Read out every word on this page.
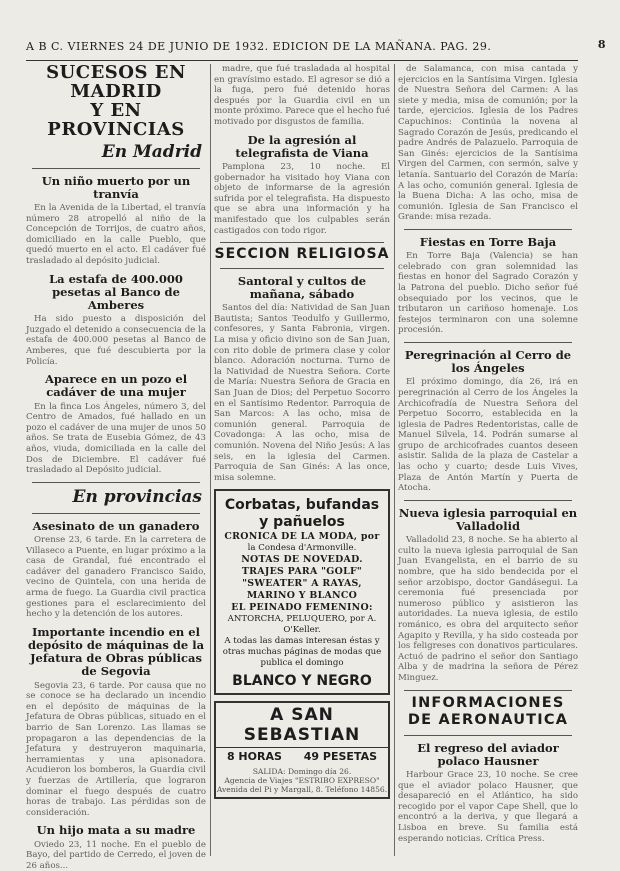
A B C. VIERNES 24 DE JUNIO DE 1932. EDICION DE LA MAÑANA. PAG. 29.	8
SUCESOS EN MADRID
Y EN PROVINCIAS
En Madrid
Un niño muerto por un tranvía

En la Avenida de la Libertad, el tranvía número 28 atropelló al niño de la Concepción de Torrijos, de cuatro años, domiciliado en la calle Pueblo, que quedó muerto en el acto. El cadáver fué trasladado al depósito judicial.

La estafa de 400.000 pesetas al Banco de Amberes

Ha sido puesto a disposición del Juzgado el detenido a consecuencia de la estafa de 400.000 pesetas al Banco de Amberes, que fué descubierta por la Policía.

Aparece en un pozo el cadáver de una mujer

En la finca Los Ángeles, número 3, del Centro de Amados, fué hallado en un pozo el cadáver de una mujer de unos 50 años. Se trata de Eusebia Gómez, de 43 años, viuda, domiciliada en la calle del Dos de Diciembre. El cadáver fué trasladado al Depósito judicial.

En provincias
Asesinato de un ganadero

Orense 23, 6 tarde. En la carretera de Villaseco a Puente, en lugar próximo a la casa de Grandal, fué encontrado el cadáver del ganadero Francisco Saido, vecino de Quintela, con una herida de arma de fuego. La Guardia civil practica gestiones para el esclarecimiento del hecho y la detención de los autores.

Importante incendio en el depósito de máquinas de la Jefatura de Obras públicas de Segovia

Segovia 23, 6 tarde. Por causa que no se conoce se ha declarado un incendio en el depósito de máquinas de la Jefatura de Obras públicas, situado en el barrio de San Lorenzo. Las llamas se propagaron a las dependencias de la Jefatura y destruyeron maquinaria, herramientas y una apisonadora. Acudieron los bomberos, la Guardia civil y fuerzas de Artillería, que lograron dominar el fuego después de cuatro horas de trabajo. Las pérdidas son de consideración.

Un hijo mata a su madre

Oviedo 23, 11 noche. En el pueblo de Bayo, del partido de Cerredo, el joven de 26 años...

madre, que fué trasladada al hospital en gravísimo estado. El agresor se dió a la fuga, pero fué detenido horas después por la Guardia civil en un monte próximo. Parece que el hecho fué motivado por disgustos de familia.

De la agresión al telegrafista de Viana

Pamplona 23, 10 noche. El gobernador ha visitado hoy Viana con objeto de informarse de la agresión sufrida por el telegrafista. Ha dispuesto que se abra una información y ha manifestado que los culpables serán castigados con todo rigor.

SECCION RELIGIOSA
Santoral y cultos de mañana, sábado

Santos del día: Natividad de San Juan Bautista; Santos Teodulfo y Guillermo, confesores, y Santa Fabronia, virgen. La misa y oficio divino son de San Juan, con rito doble de primera clase y color blanco. Adoración nocturna. Turno de la Natividad de Nuestra Señora. Corte de María: Nuestra Señora de Gracia en San Juan de Dios; del Perpetuo Socorro en el Santísimo Redentor. Parroquia de San Marcos: A las ocho, misa de comunión general. Parroquia de Covadonga: A las ocho, misa de comunión. Novena del Niño Jesús: A las seis, en la iglesia del Carmen. Parroquia de San Ginés: A las once, misa solemne.

Corbatas, bufandas
y pañuelos
CRONICA DE LA MODA, por
la Condesa d'Armonville.
NOTAS DE NOVEDAD.
TRAJES PARA "GOLF"
"SWEATER" A RAYAS, MARINO Y BLANCO
EL PEINADO FEMENINO:
ANTORCHA, PELUQUERO, por A. O'Keller.
A todas las damas interesan éstas y otras muchas páginas de modas que publica el domingo
BLANCO Y NEGRO
A SAN SEBASTIAN
8 HORAS 49 PESETAS
SALIDA: Domingo día 26.
Agencia de Viajes "ESTRIBO EXPRESO" Avenida del Pi y Margall, 8. Teléfono 14856.

de Salamanca, con misa cantada y ejercicios en la Santísima Virgen. Iglesia de Nuestra Señora del Carmen: A las siete y media, misa de comunión; por la tarde, ejercicios. Iglesia de los Padres Capuchinos: Continúa la novena al Sagrado Corazón de Jesús, predicando el padre Andrés de Palazuelo. Parroquia de San Ginés: ejercicios de la Santísima Virgen del Carmen, con sermón, salve y letanía. Santuario del Corazón de María: A las ocho, comunión general. Iglesia de la Buena Dicha: A las ocho, misa de comunión. Iglesia de San Francisco el Grande: misa rezada.

Fiestas en Torre Baja

En Torre Baja (Valencia) se han celebrado con gran solemnidad las fiestas en honor del Sagrado Corazón y la Patrona del pueblo. Dicho señor fué obsequiado por los vecinos, que le tributaron un cariñoso homenaje. Los festejos terminaron con una solemne procesión.

Peregrinación al Cerro de los Ángeles

El próximo domingo, día 26, irá en peregrinación al Cerro de los Ángeles la Archicofradía de Nuestra Señora del Perpetuo Socorro, establecida en la iglesia de Padres Redentoristas, calle de Manuel Silvela, 14. Podrán sumarse al grupo de archicofrades cuantos deseen asistir. Salida de la plaza de Castelar a las ocho y cuarto; desde Luis Vives, Plaza de Antón Martín y Puerta de Atocha.

Nueva iglesia parroquial en Valladolid

Valladolid 23, 8 noche. Se ha abierto al culto la nueva iglesia parroquial de San Juan Evangelista, en el barrio de su nombre, que ha sido bendecida por el señor arzobispo, doctor Gandásegui. La ceremonia fué presenciada por numeroso público y asistieron las autoridades. La nueva iglesia, de estilo románico, es obra del arquitecto señor Agapito y Revilla, y ha sido costeada por los feligreses con donativos particulares. Actuó de padrino el señor don Santiago Alba y de madrina la señora de Pérez Minguez.

INFORMACIONES
DE AERONAUTICA
El regreso del aviador polaco Hausner

Harbour Grace 23, 10 noche. Se cree que el aviador polaco Hausner, que desapareció en el Atlántico, ha sido recogido por el vapor Cape Shell, que lo encontró a la deriva, y que llegará a Lisboa en breve. Su familia está esperando noticias. Crítica Press.
